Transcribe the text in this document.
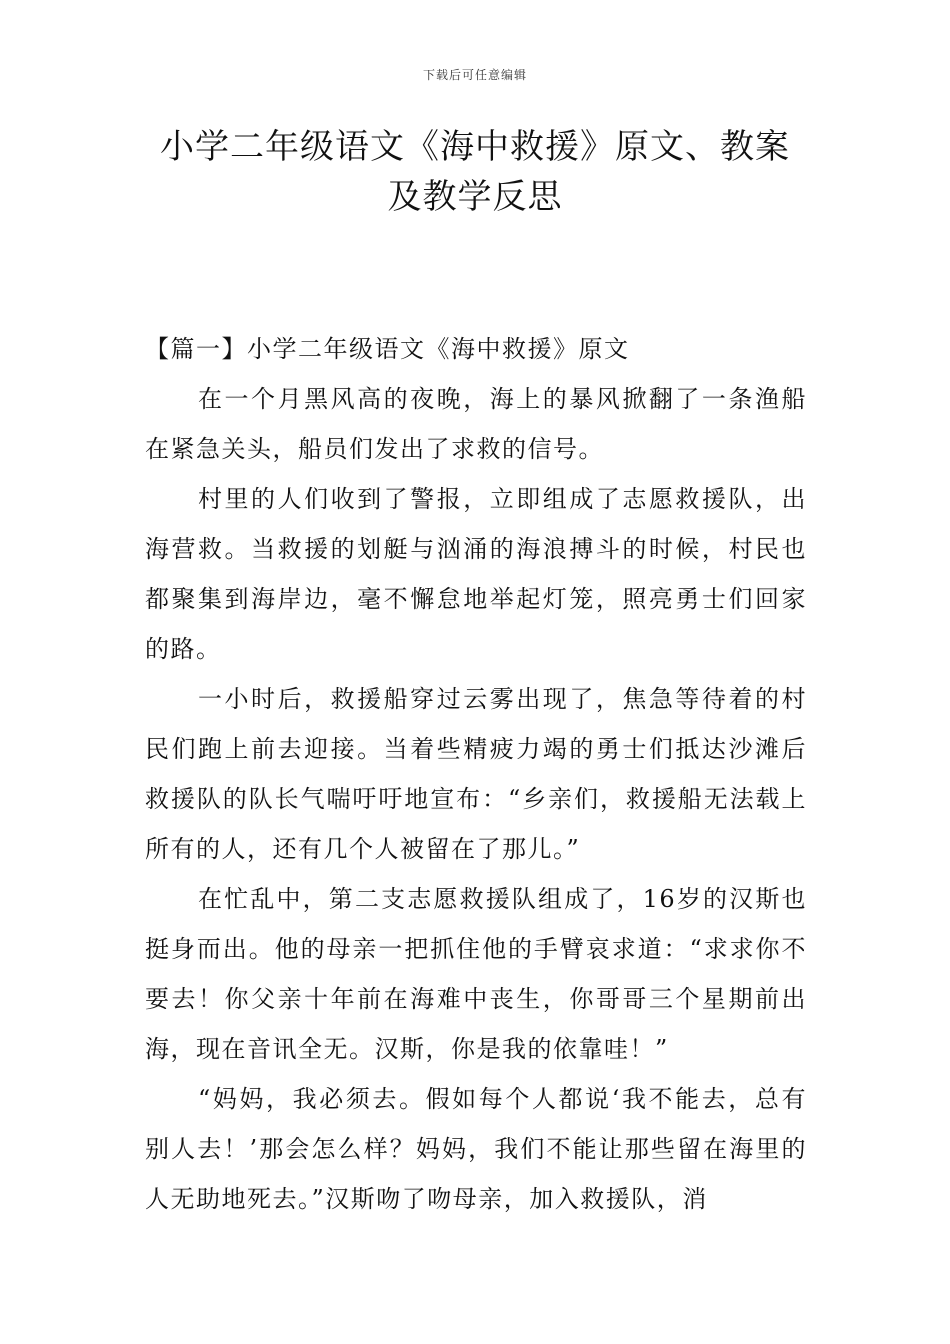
下载后可任意编辑
小学二年级语文《海中救援》原文、教案及教学反思

【篇一】小学二年级语文《海中救援》原文

在一个月黑风高的夜晚，海上的暴风掀翻了一条渔船在紧急关头，船员们发出了求救的信号。

村里的人们收到了警报，立即组成了志愿救援队，出海营救。当救援的划艇与汹涌的海浪搏斗的时候，村民也都聚集到海岸边，毫不懈怠地举起灯笼，照亮勇士们回家的路。

一小时后，救援船穿过云雾出现了，焦急等待着的村民们跑上前去迎接。当着些精疲力竭的勇士们抵达沙滩后救援队的队长气喘吁吁地宣布：“乡亲们，救援船无法载上所有的人，还有几个人被留在了那儿。”

在忙乱中，第二支志愿救援队组成了，16岁的汉斯也挺身而出。他的母亲一把抓住他的手臂哀求道：“求求你不要去！你父亲十年前在海难中丧生，你哥哥三个星期前出海，现在音讯全无。汉斯，你是我的依靠哇！”

“妈妈，我必须去。假如每个人都说‘我不能去，总有别人去！’那会怎么样？妈妈，我们不能让那些留在海里的人无助地死去。”汉斯吻了吻母亲，加入救援队，消
